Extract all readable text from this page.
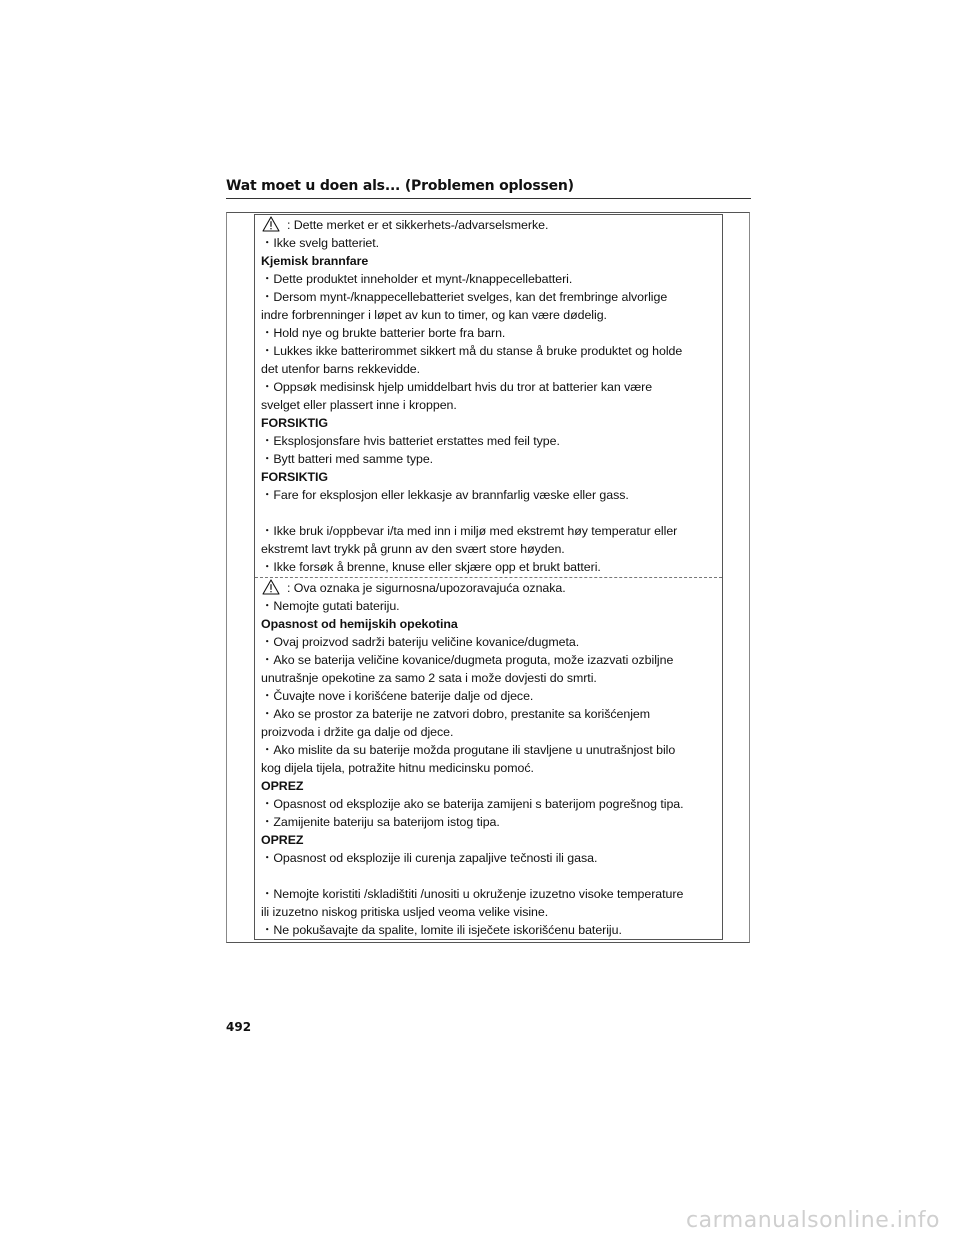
Wat moet u doen als... (Problemen oplossen)
: Dette merket er et sikkerhets-/advarselsmerke.
・Ikke svelg batteriet.
Kjemisk brannfare
・Dette produktet inneholder et mynt-/knappecellebatteri.
・Dersom mynt-/knappecellebatteriet svelges, kan det frembringe alvorlige
indre forbrenninger i løpet av kun to timer, og kan være dødelig.
・Hold nye og brukte batterier borte fra barn.
・Lukkes ikke batterirommet sikkert må du stanse å bruke produktet og holde
det utenfor barns rekkevidde.
・Oppsøk medisinsk hjelp umiddelbart hvis du tror at batterier kan være
svelget eller plassert inne i kroppen.
FORSIKTIG
・Eksplosjonsfare hvis batteriet erstattes med feil type.
・Bytt batteri med samme type.
FORSIKTIG
・Fare for eksplosjon eller lekkasje av brannfarlig væske eller gass.
・Ikke bruk i/oppbevar i/ta med inn i miljø med ekstremt høy temperatur eller
ekstremt lavt trykk på grunn av den svært store høyden.
・Ikke forsøk å brenne, knuse eller skjære opp et brukt batteri.
: Ova oznaka je sigurnosna/upozoravajuća oznaka.
・Nemojte gutati bateriju.
Opasnost od hemijskih opekotina
・Ovaj proizvod sadrži bateriju veličine kovanice/dugmeta.
・Ako se baterija veličine kovanice/dugmeta proguta, može izazvati ozbiljne
unutrašnje opekotine za samo 2 sata i može dovjesti do smrti.
・Čuvajte nove i korišćene baterije dalje od djece.
・Ako se prostor za baterije ne zatvori dobro, prestanite sa korišćenjem
proizvoda i držite ga dalje od djece.
・Ako mislite da su baterije možda progutane ili stavljene u unutrašnjost bilo
kog dijela tijela, potražite hitnu medicinsku pomoć.
OPREZ
・Opasnost od eksplozije ako se baterija zamijeni s baterijom pogrešnog tipa.
・Zamijenite bateriju sa baterijom istog tipa.
OPREZ
・Opasnost od eksplozije ili curenja zapaljive tečnosti ili gasa.
・Nemojte koristiti /skladištiti /unositi u okruženje izuzetno visoke temperature
ili izuzetno niskog pritiska usljed veoma velike visine.
・Ne pokušavajte da spalite, lomite ili isječete iskorišćenu bateriju.
492
carmanualsonline.info
